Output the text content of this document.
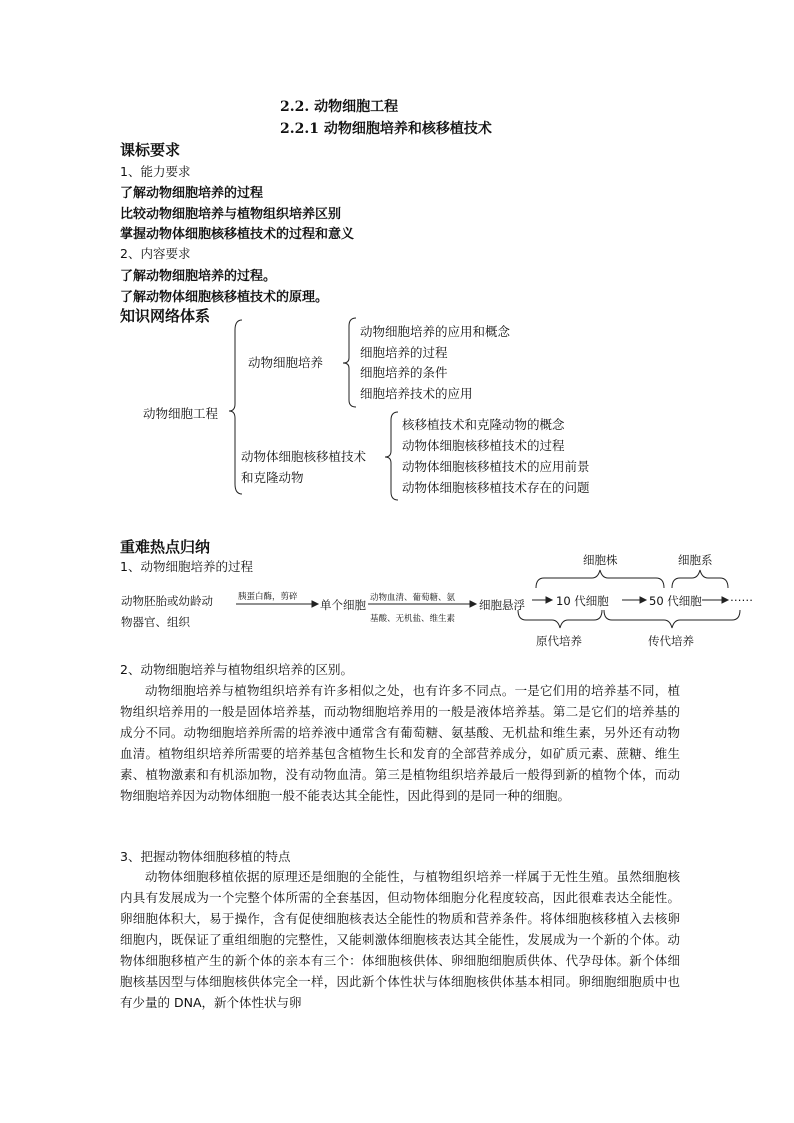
2.2. 动物细胞工程
2.2.1 动物细胞培养和核移植技术
课标要求
1、能力要求
了解动物细胞培养的过程
比较动物细胞培养与植物组织培养区别
掌握动物体细胞核移植技术的过程和意义
2、内容要求
了解动物细胞培养的过程。
了解动物体细胞核移植技术的原理。
知识网络体系
动物细胞工程
动物细胞培养
动物细胞培养的应用和概念
细胞培养的过程
细胞培养的条件
细胞培养技术的应用
动物体细胞核移植技术
和克隆动物
核移植技术和克隆动物的概念
动物体细胞核移植技术的过程
动物体细胞核移植技术的应用前景
动物体细胞核移植技术存在的问题
重难热点归纳
1、动物细胞培养的过程
动物胚胎或幼龄动
物器官、组织
胰蛋白酶，剪碎
单个细胞 动物血清、葡萄糖、氨
基酸、无机盐、维生素
细胞悬浮	10 代细胞	50 代细胞 ……
细胞株	细胞系
原代培养	传代培养
2、动物细胞培养与植物组织培养的区别。
动物细胞培养与植物组织培养有许多相似之处，也有许多不同点。一是它们用的培养基不同，植物组织培养用的一般是固体培养基，而动物细胞培养用的一般是液体培养基。第二是它们的培养基的成分不同。动物细胞培养所需的培养液中通常含有葡萄糖、氨基酸、无机盐和维生素，另外还有动物血清。植物组织培养所需要的培养基包含植物生长和发育的全部营养成分，如矿质元素、蔗糖、维生素、植物激素和有机添加物，没有动物血清。第三是植物组织培养最后一般得到新的植物个体，而动物细胞培养因为动物体细胞一般不能表达其全能性，因此得到的是同一种的细胞。
3、把握动物体细胞移植的特点
动物体细胞移植依据的原理还是细胞的全能性，与植物组织培养一样属于无性生殖。虽然细胞核内具有发展成为一个完整个体所需的全套基因，但动物体细胞分化程度较高，因此很难表达全能性。卵细胞体积大，易于操作，含有促使细胞核表达全能性的物质和营养条件。将体细胞核移植入去核卵细胞内，既保证了重组细胞的完整性，又能刺激体细胞核表达其全能性，发展成为一个新的个体。动物体细胞移植产生的新个体的亲本有三个：体细胞核供体、卵细胞细胞质供体、代孕母体。新个体细胞核基因型与体细胞核供体完全一样，因此新个体性状与体细胞核供体基本相同。卵细胞细胞质中也有少量的 DNA，新个体性状与卵
